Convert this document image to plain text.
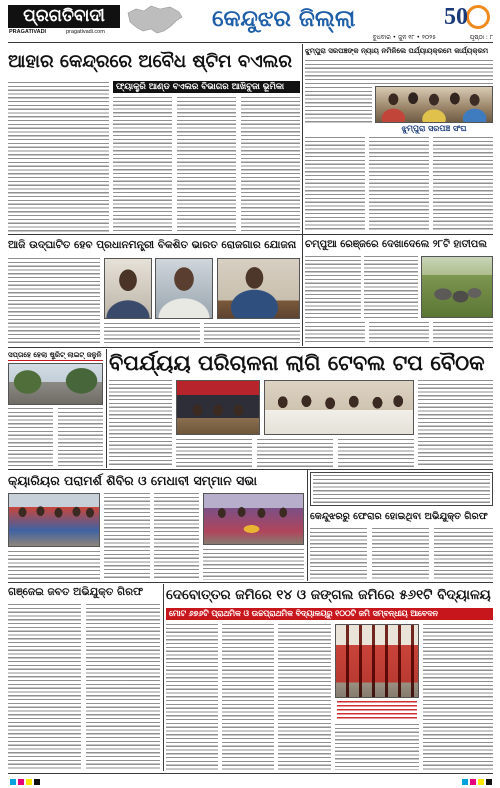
ପ୍ରଗତିବାଦୀ
PRAGATIVADI	pragativadi.com	କେନ୍ଦୁଝର ଜିଲ୍ଲା	50
ବୁଧବାର • ଜୁନ ୧୮ • ୨୦୨୫	ପୃଷ୍ଠା : ୮
ଆହାର କେନ୍ଦ୍ରରେ ଅବୈଧ ଷ୍ଟିମ ବଏଲର
ଫ୍ୟାକ୍ଟ୍ରି ଆଣ୍ଡ ବଏଲର ବିଭାଗର ଆଖିବୁଜା ଭୂମିକା
ଝୁମ୍ପୁରା ସରପଞ୍ଚଙ୍କ ନ୍ୟାୟ ନମିଳିଲେ ପର୍ଯ୍ୟାୟକ୍ରମେ କାର୍ଯ୍ୟକ୍ରମ
ଝୁମ୍ପୁରା ସରପଞ୍ଚ ସଂଘ
ଆଜି ଉଦ୍‌ଘାଟିତ ହେବ ପ୍ରଧାନମନ୍ତ୍ରୀ ବିକଶିତ ଭାରତ ରୋଜଗାର ଯୋଜନା ଚମ୍ପୁଆ ରେଞ୍ଜରେ ଦେଖାଦେଲେ ୨୮ଟି ହାତୀପଲ
ସପ୍ତାହେ ହେଲା ଷ୍ଟ୍ରିଟ୍ ଲାଇଟ୍ ଜଳୁନି ବିପର୍ଯ୍ୟୟ ପରିଚାଳନା ଲାଗି ଟେବଲ ଟପ ବୈଠକ
କ୍ୟାରିୟର ପରାମର୍ଶ ଶିବିର ଓ ମେଧାବୀ ସମ୍ମାନ ସଭା
କେନ୍ଦୁଝରରୁ ଫେରାର ହୋଇଥିବା ଅଭିଯୁକ୍ତ ଗିରଫ
ଗଞ୍ଜେଇ ଜବତ ଅଭିଯୁକ୍ତ ଗିରଫ	ଦେବୋତ୍ତର ଜମିରେ ୧୪ ଓ ଜଙ୍ଗଲ ଜମିରେ ୫୬୧ଟି ବିଦ୍ୟାଳୟ
ମୋଟ ୬୭୬ଟି ପ୍ରାଥମିକ ଓ ଉଚ୍ଚପ୍ରାଥମିକ ବିଦ୍ୟାଳୟରୁ ୧୦୦ଟି ଜମି ସମ୍ବନ୍ଧୀୟ ଆବେଦନ
